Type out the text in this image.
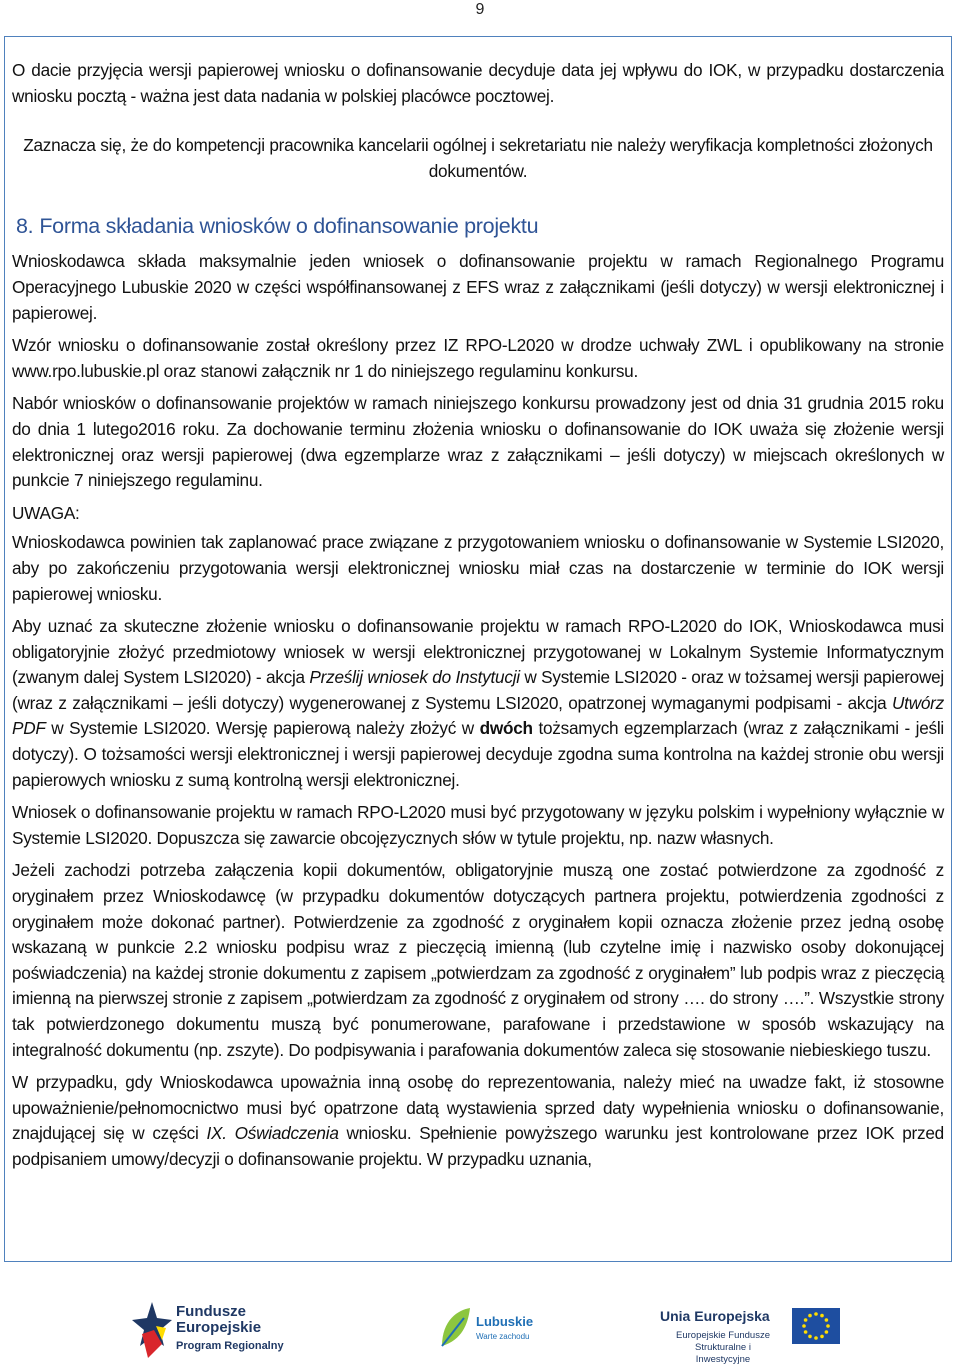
9

O dacie przyjęcia wersji papierowej wniosku o dofinansowanie decyduje data jej wpływu do IOK, w przypadku dostarczenia wniosku pocztą - ważna jest data nadania w polskiej placówce pocztowej.

Zaznacza się, że do kompetencji pracownika kancelarii ogólnej i sekretariatu nie należy weryfikacja kompletności złożonych dokumentów.

8. Forma składania wniosków o dofinansowanie projektu

Wnioskodawca składa maksymalnie jeden wniosek o dofinansowanie projektu w ramach Regionalnego Programu Operacyjnego Lubuskie 2020 w części współfinansowanej z EFS wraz z załącznikami (jeśli dotyczy) w wersji elektronicznej i papierowej.

Wzór wniosku o dofinansowanie został określony przez IZ RPO-L2020 w drodze uchwały ZWL i opublikowany na stronie www.rpo.lubuskie.pl oraz stanowi załącznik nr 1 do niniejszego regulaminu konkursu.

Nabór wniosków o dofinansowanie projektów w ramach niniejszego konkursu prowadzony jest od dnia 31 grudnia 2015 roku do dnia 1 lutego2016 roku. Za dochowanie terminu złożenia wniosku o dofinansowanie do IOK uważa się złożenie wersji elektronicznej oraz wersji papierowej (dwa egzemplarze wraz z załącznikami – jeśli dotyczy) w miejscach określonych w punkcie 7 niniejszego regulaminu.

UWAGA:

Wnioskodawca powinien tak zaplanować prace związane z przygotowaniem wniosku o dofinansowanie w Systemie LSI2020, aby po zakończeniu przygotowania wersji elektronicznej wniosku miał czas na dostarczenie w terminie do IOK wersji papierowej wniosku.

Aby uznać za skuteczne złożenie wniosku o dofinansowanie projektu w ramach RPO-L2020 do IOK, Wnioskodawca musi obligatoryjnie złożyć przedmiotowy wniosek w wersji elektronicznej przygotowanej w Lokalnym Systemie Informatycznym (zwanym dalej System LSI2020) - akcja Prześlij wniosek do Instytucji w Systemie LSI2020 - oraz w tożsamej wersji papierowej (wraz z załącznikami – jeśli dotyczy) wygenerowanej z Systemu LSI2020, opatrzonej wymaganymi podpisami - akcja Utwórz PDF w Systemie LSI2020. Wersję papierową należy złożyć w dwóch tożsamych egzemplarzach (wraz z załącznikami - jeśli dotyczy). O tożsamości wersji elektronicznej i wersji papierowej decyduje zgodna suma kontrolna na każdej stronie obu wersji papierowych wniosku z sumą kontrolną wersji elektronicznej.

Wniosek o dofinansowanie projektu w ramach RPO-L2020 musi być przygotowany w języku polskim i wypełniony wyłącznie w Systemie LSI2020. Dopuszcza się zawarcie obcojęzycznych słów w tytule projektu, np. nazw własnych.

Jeżeli zachodzi potrzeba załączenia kopii dokumentów, obligatoryjnie muszą one zostać potwierdzone za zgodność z oryginałem przez Wnioskodawcę (w przypadku dokumentów dotyczących partnera projektu, potwierdzenia zgodności z oryginałem może dokonać partner). Potwierdzenie za zgodność z oryginałem kopii oznacza złożenie przez jedną osobę wskazaną w punkcie 2.2 wniosku podpisu wraz z pieczęcią imienną (lub czytelne imię i nazwisko osoby dokonującej poświadczenia) na każdej stronie dokumentu z zapisem „potwierdzam za zgodność z oryginałem” lub podpis wraz z pieczęcią imienną na pierwszej stronie z zapisem „potwierdzam za zgodność z oryginałem od strony …. do strony ….”. Wszystkie strony tak potwierdzonego dokumentu muszą być ponumerowane, parafowane i przedstawione w sposób wskazujący na integralność dokumentu (np. zszyte). Do podpisywania i parafowania dokumentów zaleca się stosowanie niebieskiego tuszu.

W przypadku, gdy Wnioskodawca upoważnia inną osobę do reprezentowania, należy mieć na uwadze fakt, iż stosowne upoważnienie/pełnomocnictwo musi być opatrzone datą wystawienia sprzed daty wypełnienia wniosku o dofinansowanie, znajdującej się w części IX. Oświadczenia wniosku. Spełnienie powyższego warunku jest kontrolowane przez IOK przed podpisaniem umowy/decyzji o dofinansowanie projektu. W przypadku uznania,

Fundusze
Europejskie
Program Regionalny
Lubuskie
Warte zachodu
Unia Europejska
Europejskie Fundusze Strukturalne i Inwestycyjne
